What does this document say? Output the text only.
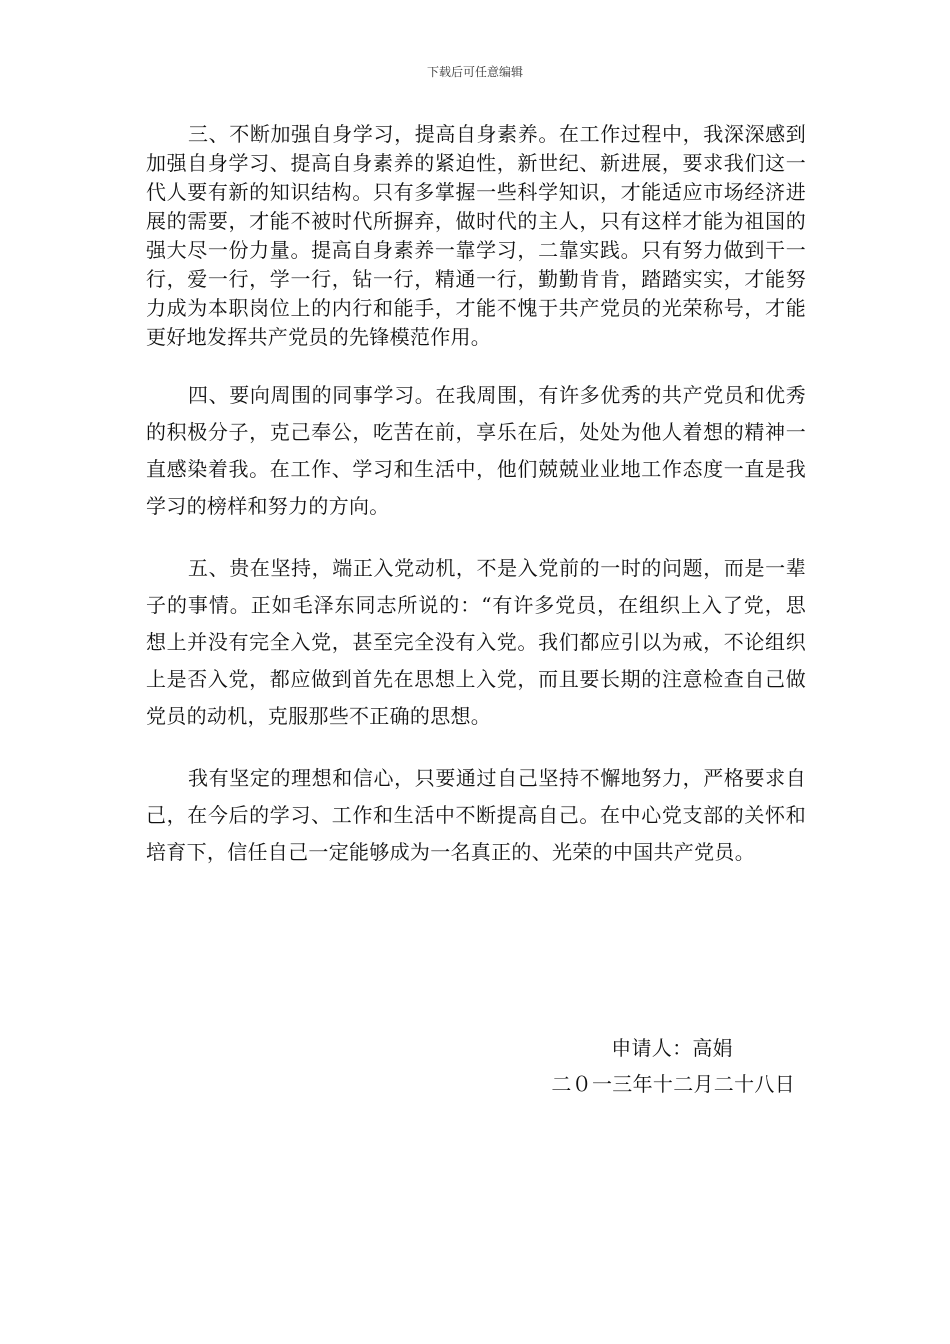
下载后可任意编辑

三、不断加强自身学习，提高自身素养。在工作过程中，我深深感到加强自身学习、提高自身素养的紧迫性，新世纪、新进展，要求我们这一代人要有新的知识结构。只有多掌握一些科学知识，才能适应市场经济进展的需要，才能不被时代所摒弃，做时代的主人，只有这样才能为祖国的强大尽一份力量。提高自身素养一靠学习，二靠实践。只有努力做到干一行，爱一行，学一行，钻一行，精通一行，勤勤肯肯，踏踏实实，才能努力成为本职岗位上的内行和能手，才能不愧于共产党员的光荣称号，才能更好地发挥共产党员的先锋模范作用。

四、要向周围的同事学习。在我周围，有许多优秀的共产党员和优秀的积极分子，克己奉公，吃苦在前，享乐在后，处处为他人着想的精神一直感染着我。在工作、学习和生活中，他们兢兢业业地工作态度一直是我学习的榜样和努力的方向。

五、贵在坚持，端正入党动机，不是入党前的一时的问题，而是一辈子的事情。正如毛泽东同志所说的：“有许多党员，在组织上入了党，思想上并没有完全入党，甚至完全没有入党。我们都应引以为戒，不论组织上是否入党，都应做到首先在思想上入党，而且要长期的注意检查自己做党员的动机，克服那些不正确的思想。

我有坚定的理想和信心，只要通过自己坚持不懈地努力，严格要求自己，在今后的学习、工作和生活中不断提高自己。在中心党支部的关怀和培育下，信任自己一定能够成为一名真正的、光荣的中国共产党员。

申请人：高娟
二０一三年十二月二十八日
